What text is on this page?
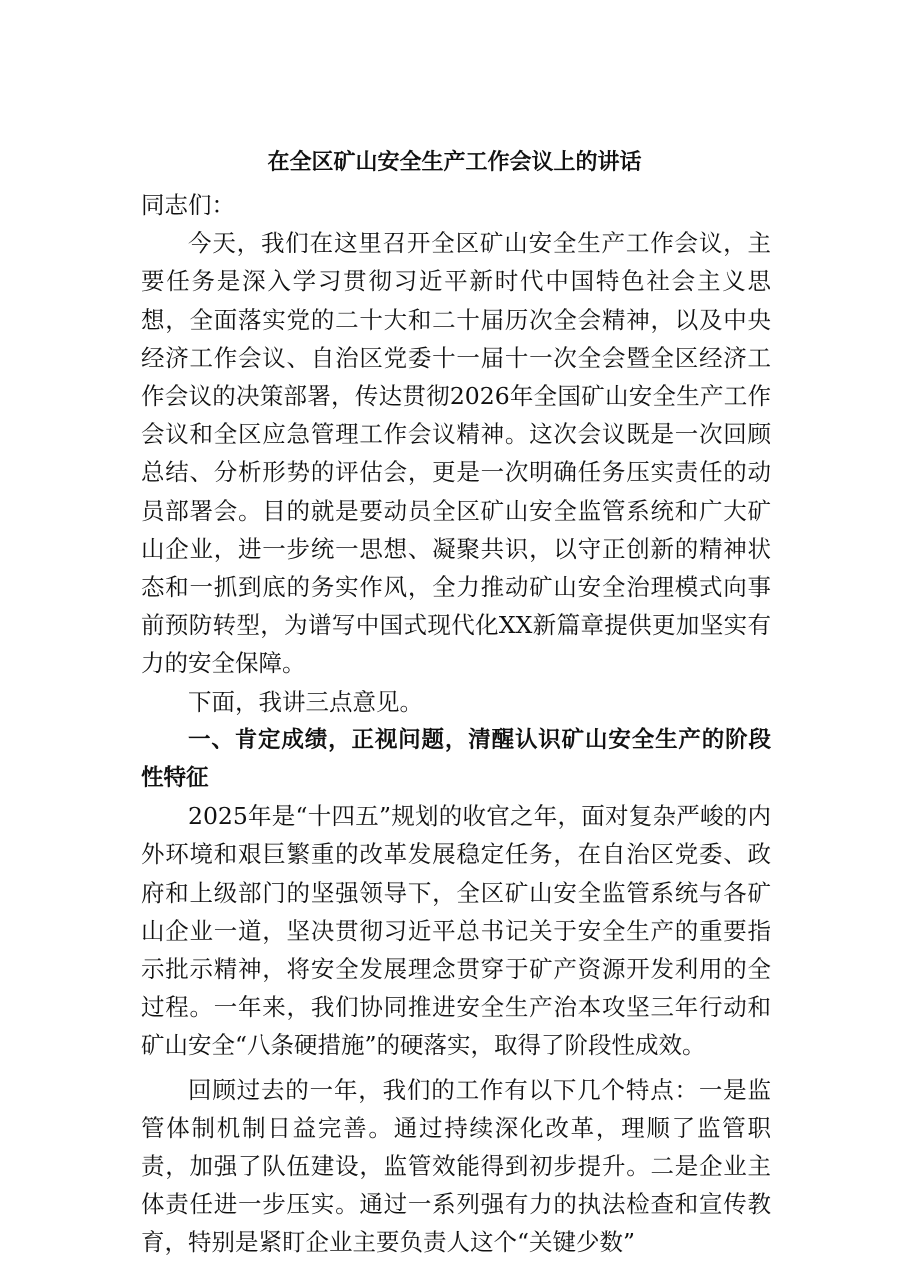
在全区矿山安全生产工作会议上的讲话

同志们：

今天，我们在这里召开全区矿山安全生产工作会议，主要任务是深入学习贯彻习近平新时代中国特色社会主义思想，全面落实党的二十大和二十届历次全会精神，以及中央经济工作会议、自治区党委十一届十一次全会暨全区经济工作会议的决策部署，传达贯彻2026年全国矿山安全生产工作会议和全区应急管理工作会议精神。这次会议既是一次回顾总结、分析形势的评估会，更是一次明确任务压实责任的动员部署会。目的就是要动员全区矿山安全监管系统和广大矿山企业，进一步统一思想、凝聚共识，以守正创新的精神状态和一抓到底的务实作风，全力推动矿山安全治理模式向事前预防转型，为谱写中国式现代化XX新篇章提供更加坚实有力的安全保障。

下面，我讲三点意见。

一、肯定成绩，正视问题，清醒认识矿山安全生产的阶段性特征

2025年是“十四五”规划的收官之年，面对复杂严峻的内外环境和艰巨繁重的改革发展稳定任务，在自治区党委、政府和上级部门的坚强领导下，全区矿山安全监管系统与各矿山企业一道，坚决贯彻习近平总书记关于安全生产的重要指示批示精神，将安全发展理念贯穿于矿产资源开发利用的全过程。一年来，我们协同推进安全生产治本攻坚三年行动和矿山安全“八条硬措施”的硬落实，取得了阶段性成效。

回顾过去的一年，我们的工作有以下几个特点：一是监管体制机制日益完善。通过持续深化改革，理顺了监管职责，加强了队伍建设，监管效能得到初步提升。二是企业主体责任进一步压实。通过一系列强有力的执法检查和宣传教育，特别是紧盯企业主要负责人这个“关键少数”
